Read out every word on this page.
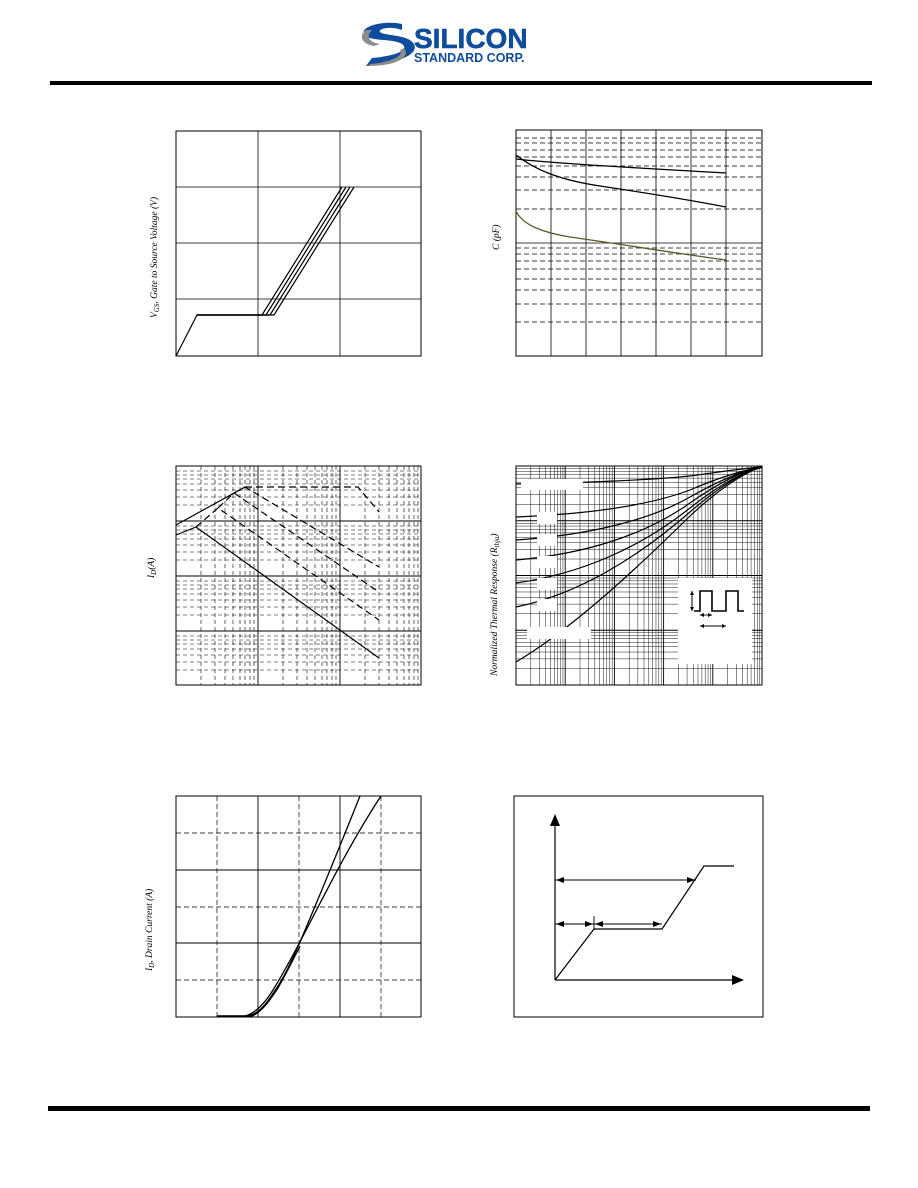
SILICON
STANDARD CORP.
$V_{GS}$, Gate to Source Voltage (V)	C (pF)
$I_D(A)$	Normalized Thermal Response $(R_{thja})$
$I_D$, Drain Current (A)
